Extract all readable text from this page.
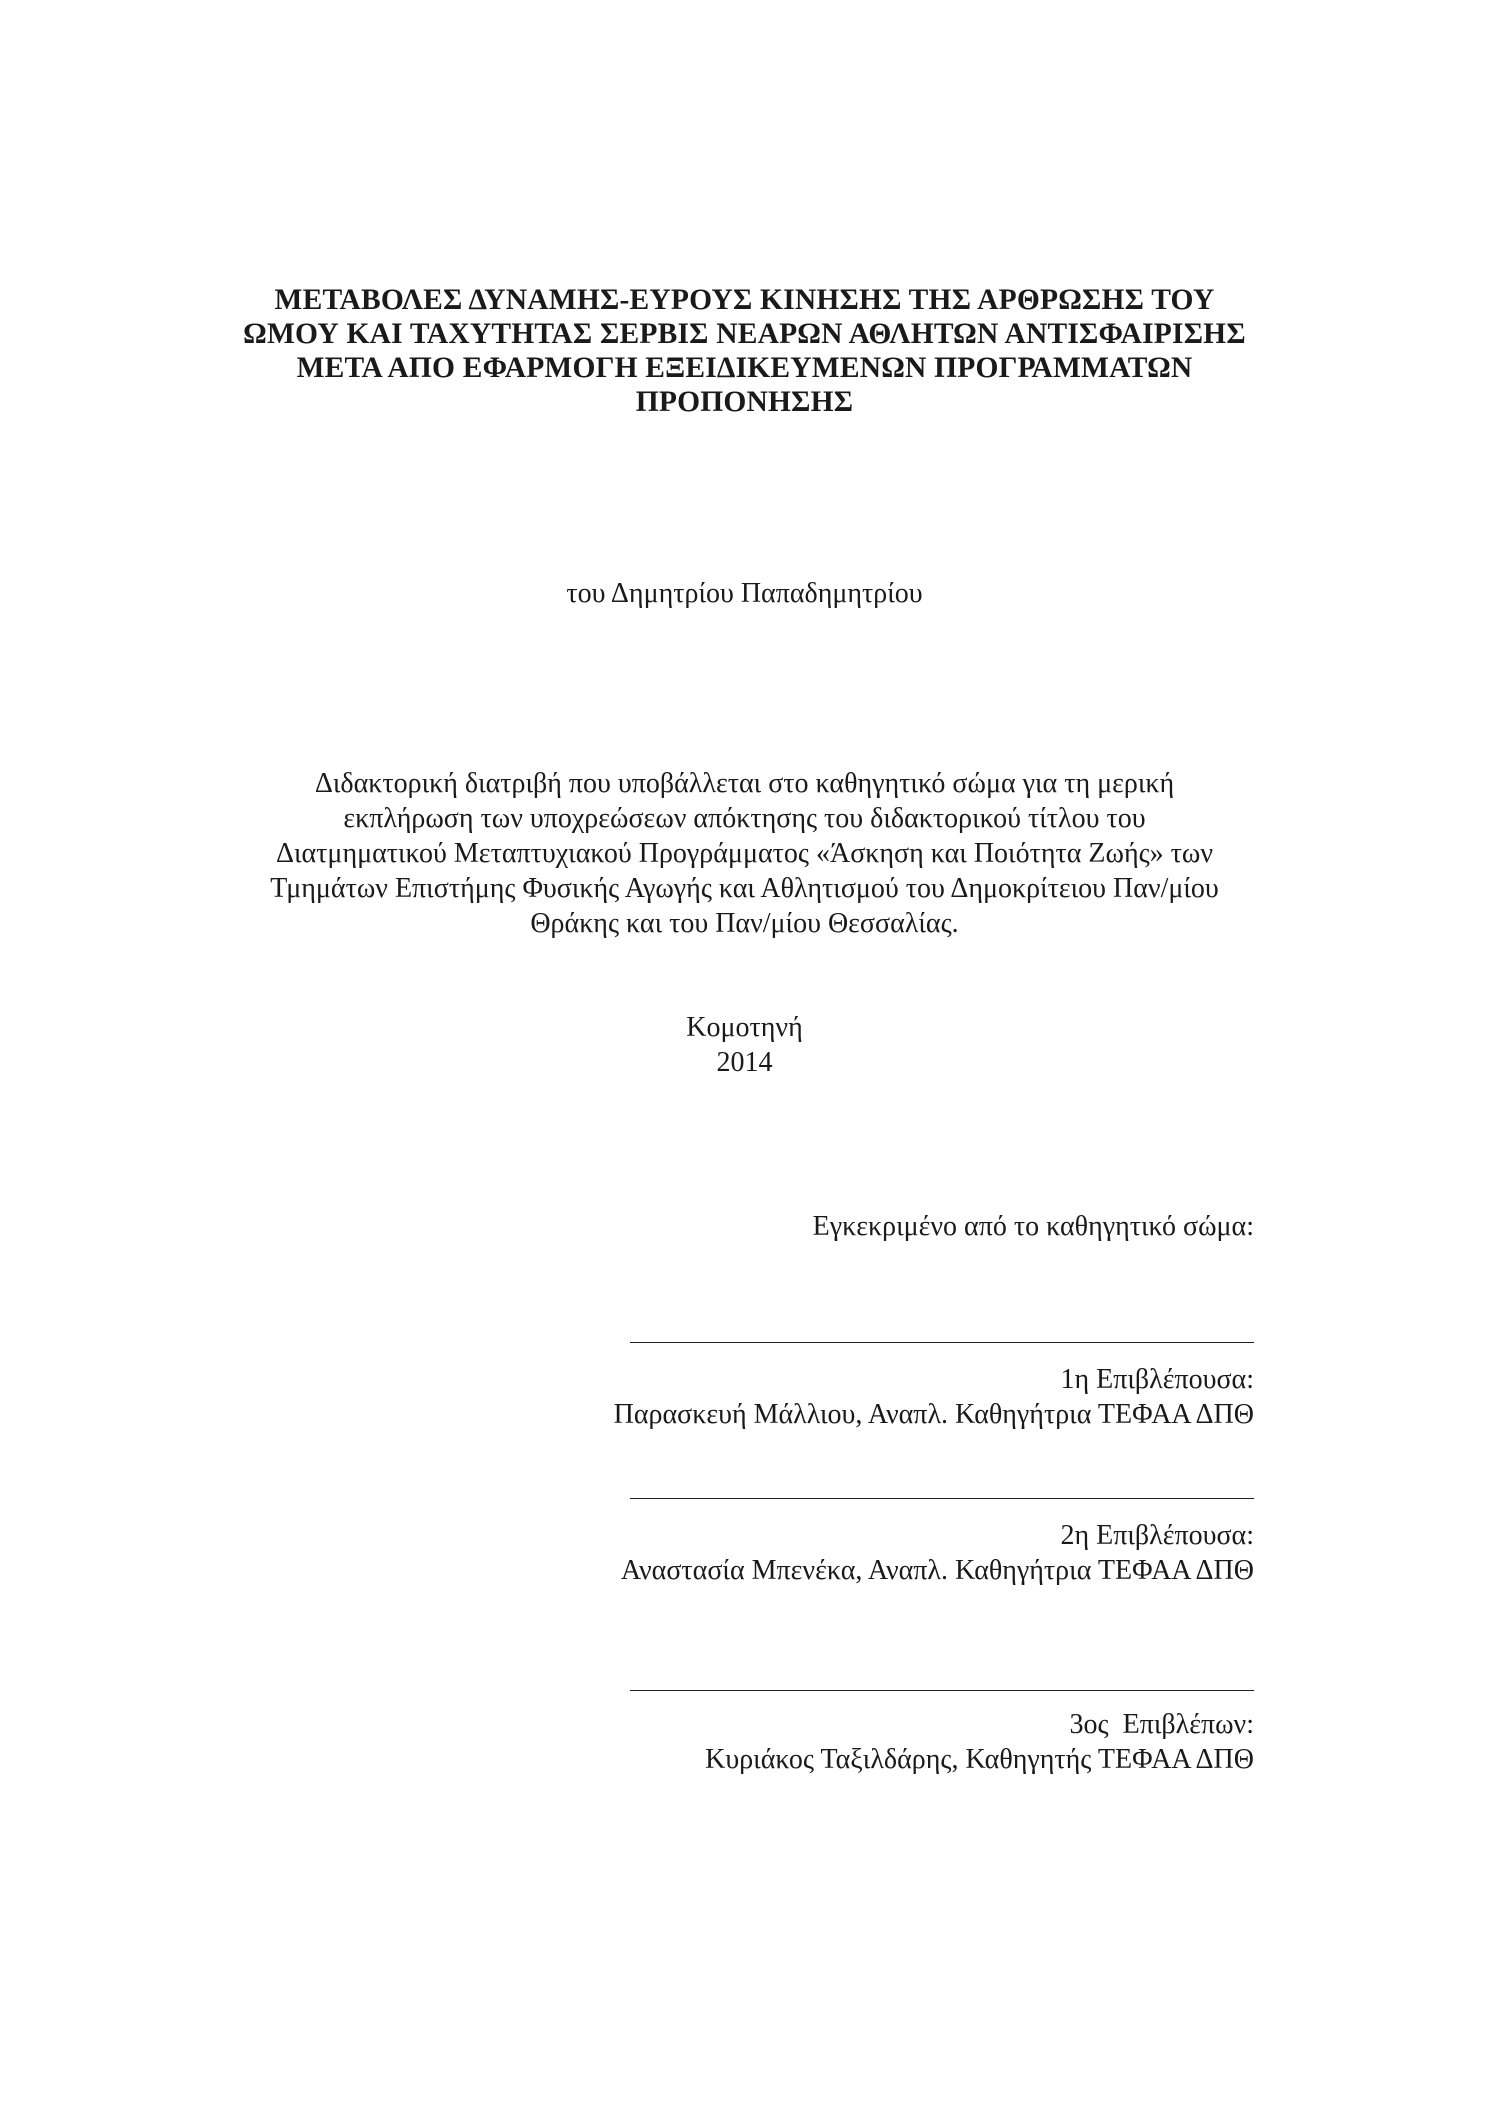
ΜΕΤΑΒΟΛΕΣ ΔΥΝΑΜΗΣ-ΕΥΡΟΥΣ ΚΙΝΗΣΗΣ ΤΗΣ ΑΡΘΡΩΣΗΣ ΤΟΥ
ΩΜΟΥ ΚΑΙ ΤΑΧΥΤΗΤΑΣ ΣΕΡΒΙΣ ΝΕΑΡΩΝ ΑΘΛΗΤΩΝ ΑΝΤΙΣΦΑΙΡΙΣΗΣ
ΜΕΤΑ ΑΠΟ ΕΦΑΡΜΟΓΗ ΕΞΕΙΔΙΚΕΥΜΕΝΩΝ ΠΡΟΓΡΑΜΜΑΤΩΝ
ΠΡΟΠΟΝΗΣΗΣ
του Δημητρίου Παπαδημητρίου
Διδακτορική διατριβή που υποβάλλεται στο καθηγητικό σώμα για τη μερική
εκπλήρωση των υποχρεώσεων απόκτησης του διδακτορικού τίτλου του
Διατμηματικού Μεταπτυχιακού Προγράμματος «Άσκηση και Ποιότητα Ζωής» των
Τμημάτων Επιστήμης Φυσικής Αγωγής και Αθλητισμού του Δημοκρίτειου Παν/μίου
Θράκης και του Παν/μίου Θεσσαλίας.
Κομοτηνή
2014
Εγκεκριμένο από το καθηγητικό σώμα:
1η Επιβλέπουσα:
Παρασκευή Μάλλιου, Αναπλ. Καθηγήτρια ΤΕΦΑΑ ΔΠΘ
2η Επιβλέπουσα:
Αναστασία Μπενέκα, Αναπλ. Καθηγήτρια ΤΕΦΑΑ ΔΠΘ
3ος  Επιβλέπων:
Κυριάκος Ταξιλδάρης, Καθηγητής ΤΕΦΑΑ ΔΠΘ
